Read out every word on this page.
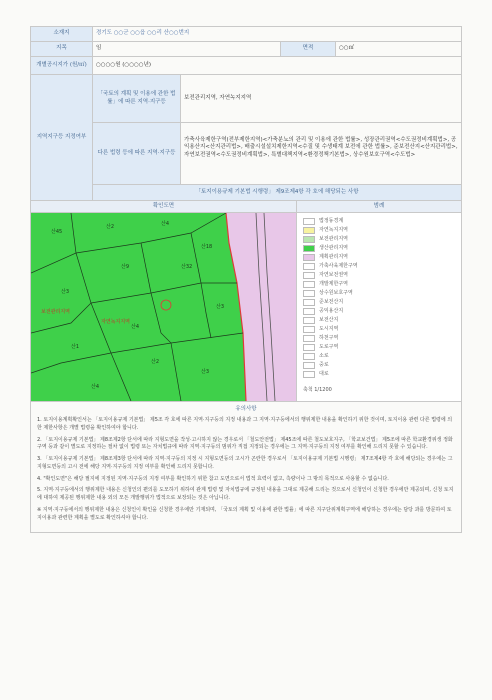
소재지	경기도 ○○군 ○○읍 ○○리 산○○번지			
지목	임		면적	○○㎡
개별공시지가 (원/㎡)	○○○○원 (○○○○년)			
지역지구등 지정여부	「국토의 계획 및 이용에 관한 법률」에 따른 지역·지구등	보전관리지역, 자연녹지지역		
	다른 법령 등에 따른 지역·지구등	가축사육제한구역(전부제한지역)<가축분뇨의 관리 및 이용에 관한 법률>, 성장관리권역<수도권정비계획법>, 공익용산지<산지관리법>, 배출시설설치제한지역<수질 및 수생태계 보전에 관한 법률>, 준보전산지<산지관리법>, 자연보전권역<수도권정비계획법>, 특별대책지역<환경정책기본법>, 상수원보호구역<수도법>		
	「토지이용규제 기본법 시행령」 제9조제4항 각 호에 해당되는 사항			
확인도면
산45
산2	산4
산18
산9
산3
산32
산3
산4
산1
산2
산3
산4
보전관리지역
자연녹지지역
범례
법정동경계
자연녹지지역
보전관리지역
생산관리지역
계획관리지역
가축사육제한구역
자연보전권역
개발제한구역
상수원보호구역
준보전산지
공익용산지
보전산지
도시지역
하천구역
도로구역
소로
중로
대로
축척 1/1200
유의사항

1. 토지이용계획확인서는 「토지이용규제 기본법」 제5조 각 호에 따른 지역·지구등의 지정 내용과 그 지역·지구등에서의 행위제한 내용을 확인하기 위한 것이며, 토지이용 관련 다른 법령에 의한 제한사항은 개별 법령을 확인하여야 합니다.

2. 「토지이용규제 기본법」 제8조제2항 단서에 따라 지형도면을 작성·고시하지 않는 경우로서 「철도안전법」 제45조에 따른 철도보호지구, 「학교보건법」 제5조에 따른 학교환경위생 정화구역 등과 같이 별도로 지정하는 절차 없이 법령 또는 자치법규에 따라 지역·지구등의 범위가 직접 지정되는 경우에는 그 지역·지구등의 지정 여부를 확인해 드리지 못할 수 있습니다.

3. 「토지이용규제 기본법」 제8조제3항 단서에 따라 지역·지구등의 지정 시 지형도면등의 고시가 곤란한 경우로서 「토지이용규제 기본법 시행령」 제7조제4항 각 호에 해당되는 경우에는 그 지형도면등의 고시 전에 해당 지역·지구등의 지정 여부를 확인해 드리지 못합니다.

4. "확인도면"은 해당 필지에 지정된 지역·지구등의 지정 여부를 확인하기 위한 참고 도면으로서 법적 효력이 없고, 측량이나 그 밖의 목적으로 사용할 수 없습니다.

5. 지역·지구등에서의 행위제한 내용은 신청인의 편의를 도모하기 위하여 관계 법령 및 자치법규에 규정된 내용을 그대로 제공해 드리는 것으로서 신청인이 신청한 경우에만 제공되며, 신청 토지에 대하여 제공된 행위제한 내용 외의 모든 개발행위가 법적으로 보장되는 것은 아닙니다.

※ 지역·지구등에서의 행위제한 내용은 신청인이 확인을 신청한 경우에만 기재되며, 「국토의 계획 및 이용에 관한 법률」에 따른 지구단위계획구역에 해당하는 경우에는 담당 과를 방문하여 토지이용과 관련한 계획을 별도로 확인하셔야 합니다.
